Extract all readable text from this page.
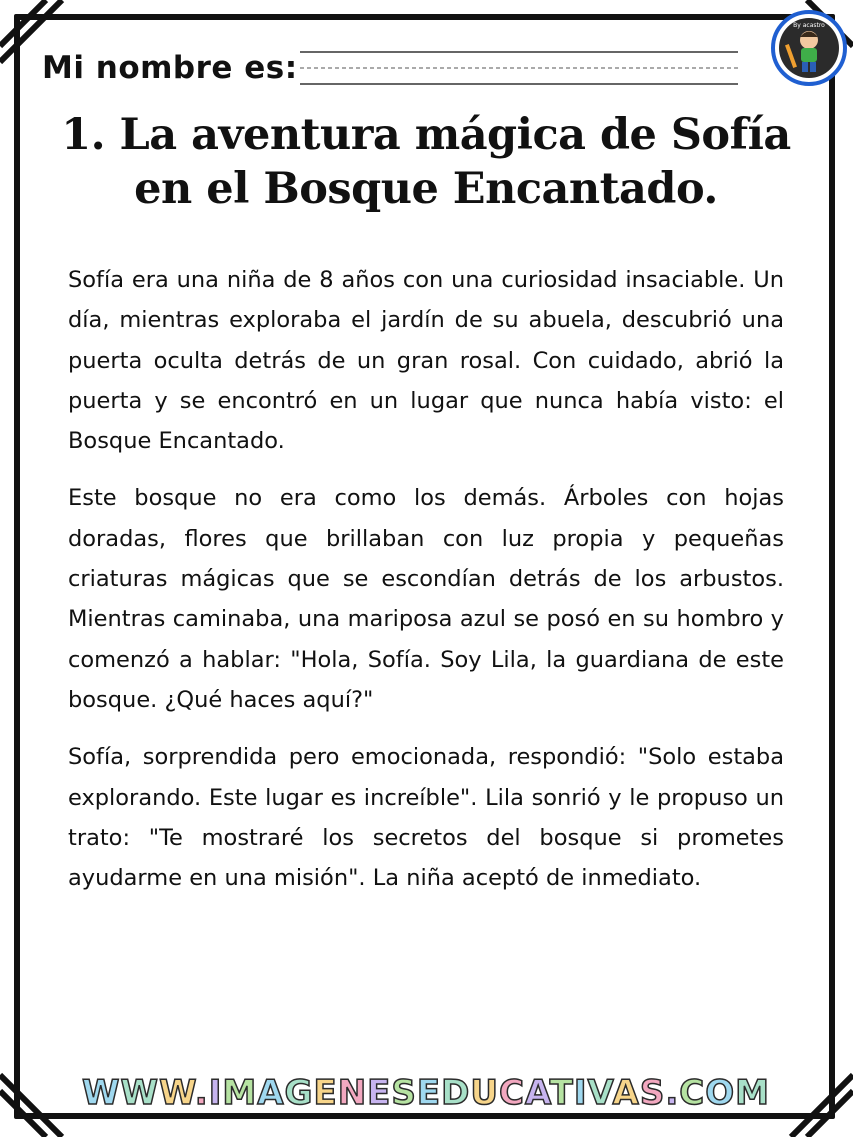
Mi nombre es:
By acastro
1. La aventura mágica de Sofía en el Bosque Encantado.

Sofía era una niña de 8 años con una curiosidad insaciable. Un día, mientras exploraba el jardín de su abuela, descubrió una puerta oculta detrás de un gran rosal. Con cuidado, abrió la puerta y se encontró en un lugar que nunca había visto: el Bosque Encantado.

Este bosque no era como los demás. Árboles con hojas doradas, flores que brillaban con luz propia y pequeñas criaturas mágicas que se escondían detrás de los arbustos. Mientras caminaba, una mariposa azul se posó en su hombro y comenzó a hablar: "Hola, Sofía. Soy Lila, la guardiana de este bosque. ¿Qué haces aquí?"

Sofía, sorprendida pero emocionada, respondió: "Solo estaba explorando. Este lugar es increíble". Lila sonrió y le propuso un trato: "Te mostraré los secretos del bosque si prometes ayudarme en una misión". La niña aceptó de inmediato.

WWW.IMAGENESEDUCATIVAS.COM
